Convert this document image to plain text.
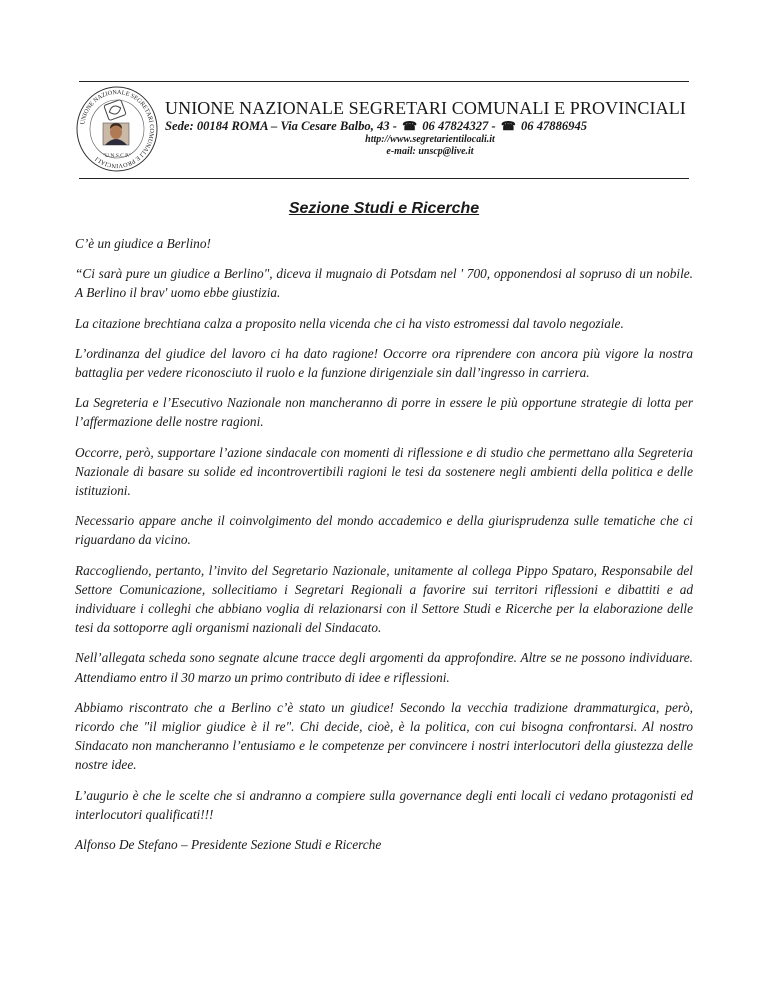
UNIONE NAZIONALE SEGRETARI COMUNALI E PROVINCIALI "U.N.S.C.P."

UNIONE NAZIONALE SEGRETARI COMUNALI E PROVINCIALI

Sede: 00184 ROMA – Via Cesare Balbo, 43 - ☎ 06 47824327 - ☎ 06 47886945

http://www.segretarientilocali.it

e-mail: unscp@live.it

Sezione Studi e Ricerche

C’è un giudice a Berlino!

“Ci sarà pure un giudice a Berlino", diceva il mugnaio di Potsdam nel ' 700, opponendosi al sopruso di un nobile. A Berlino il brav' uomo ebbe giustizia.

La citazione brechtiana calza a proposito nella vicenda che ci ha visto estromessi dal tavolo negoziale.

L’ordinanza del giudice del lavoro ci ha dato ragione! Occorre ora riprendere con ancora più vigore la nostra battaglia per vedere riconosciuto il ruolo e la funzione dirigenziale sin dall’ingresso in carriera.

La Segreteria e l’Esecutivo Nazionale non mancheranno di porre in essere le più opportune strategie di lotta per l’affermazione delle nostre ragioni.

Occorre, però, supportare l’azione sindacale con momenti di riflessione e di studio che permettano alla Segreteria Nazionale di basare su solide ed incontrovertibili ragioni le tesi da sostenere negli ambienti della politica e delle istituzioni.

Necessario appare anche il coinvolgimento del mondo accademico e della giurisprudenza sulle tematiche che ci riguardano da vicino.

Raccogliendo, pertanto, l’invito del Segretario Nazionale, unitamente al collega Pippo Spataro, Responsabile del Settore Comunicazione, sollecitiamo i Segretari Regionali a favorire sui territori riflessioni e dibattiti e ad individuare i colleghi che abbiano voglia di relazionarsi con il Settore Studi e Ricerche per la elaborazione delle tesi da sottoporre agli organismi nazionali del Sindacato.

Nell’allegata scheda sono segnate alcune tracce degli argomenti da approfondire. Altre se ne possono individuare. Attendiamo entro il 30 marzo un primo contributo di idee e riflessioni.

Abbiamo riscontrato che a Berlino c’è stato un giudice! Secondo la vecchia tradizione drammaturgica, però, ricordo che "il miglior giudice è il re". Chi decide, cioè, è la politica, con cui bisogna confrontarsi. Al nostro Sindacato non mancheranno l’entusiamo e le competenze per convincere i nostri interlocutori della giustezza delle nostre idee.

L’augurio è che le scelte che si andranno a compiere sulla governance degli enti locali ci vedano protagonisti ed interlocutori qualificati!!!

Alfonso De Stefano – Presidente Sezione Studi e Ricerche
